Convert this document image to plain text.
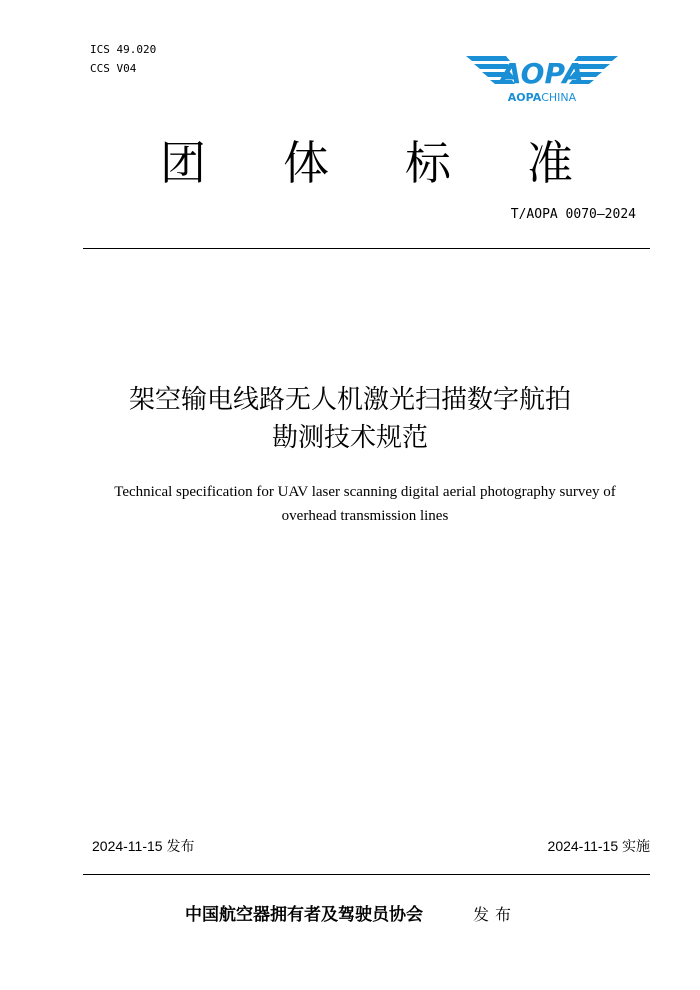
ICS 49.020
CCS V04	AOPA
AOPACHINA
团 体 标 准
T/AOPA 0070—2024
架空输电线路无人机激光扫描数字航拍
勘测技术规范
Technical specification for UAV laser scanning digital aerial photography survey of
overhead transmission lines
2024-11-15 发布	2024-11-15 实施
中国航空器拥有者及驾驶员协会	发布
